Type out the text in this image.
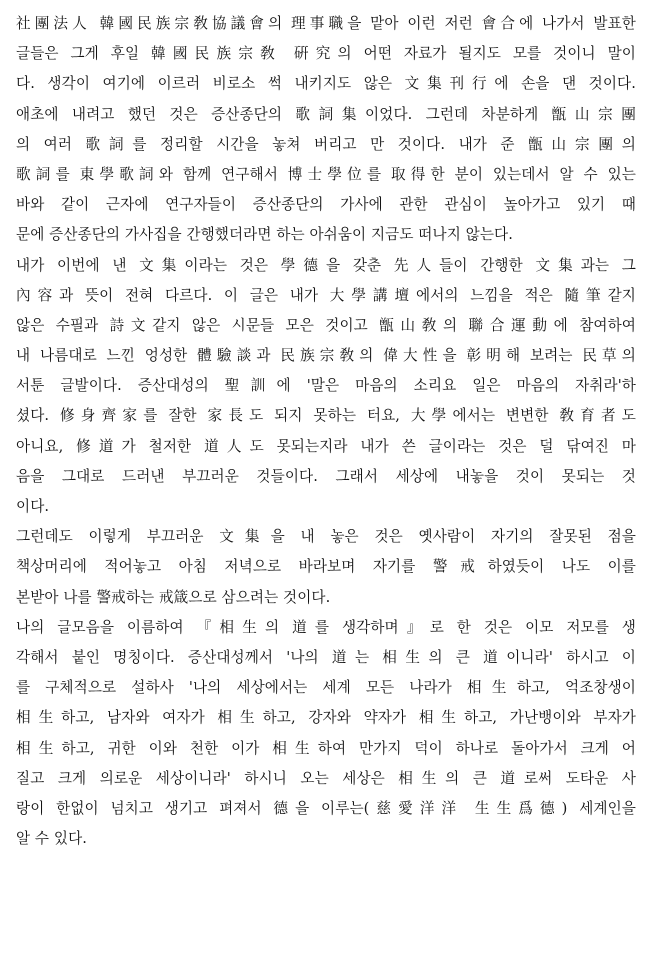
社團法人 韓國民族宗敎協議會의 理事職을 맡아 이런 저런 會合에 나가서 발표한
글들은 그게 후일 韓國民族宗敎 硏究의 어떤 자료가 될지도 모를 것이니 말이
다. 생각이 여기에 이르러 비로소 썩 내키지도 않은 文集刊行에 손을 댄 것이다.
애초에 내려고 했던 것은 증산종단의 歌詞集이었다. 그런데 차분하게 甑山宗團
의 여러 歌詞를 정리할 시간을 놓쳐 버리고 만 것이다. 내가 준 甑山宗團의
歌詞를 東學歌詞와 함께 연구해서 博士學位를 取得한 분이 있는데서 알 수 있는
바와 같이 근자에 연구자들이 증산종단의 가사에 관한 관심이 높아가고 있기 때
문에 증산종단의 가사집을 간행했더라면 하는 아쉬움이 지금도 떠나지 않는다.
내가 이번에 낸 文集이라는 것은 學德을 갖춘 先人들이 간행한 文集과는 그
內容과 뜻이 전혀 다르다. 이 글은 내가 大學講壇에서의 느낌을 적은 隨筆같지
않은 수필과 詩文같지 않은 시문들 모은 것이고 甑山敎의 聯合運動에 참여하여
내 나름대로 느낀 엉성한 體驗談과 民族宗敎의 偉大性을 彰明해 보려는 民草의
서툰 글발이다. 증산대성의 聖訓에 '말은 마음의 소리요 일은 마음의 자취라'하
셨다. 修身齊家를 잘한 家長도 되지 못하는 터요, 大學에서는 변변한 敎育者도
아니요, 修道가 철저한 道人도 못되는지라 내가 쓴 글이라는 것은 덜 닦여진 마
음을 그대로 드러낸 부끄러운 것들이다. 그래서 세상에 내놓을 것이 못되는 것
이다.
그런데도 이렇게 부끄러운 文集을 내 놓은 것은 옛사람이 자기의 잘못된 점을
책상머리에 적어놓고 아침 저녁으로 바라보며 자기를 警戒하였듯이 나도 이를
본받아 나를 警戒하는 戒箴으로 삼으려는 것이다.
나의 글모음을 이름하여 『相生의 道를 생각하며』로 한 것은 이모 저모를 생
각해서 붙인 명칭이다. 증산대성께서 '나의 道는 相生의 큰 道이니라' 하시고 이
를 구체적으로 설하사 '나의 세상에서는 세계 모든 나라가 相生하고, 억조창생이
相生하고, 남자와 여자가 相生하고, 강자와 약자가 相生하고, 가난뱅이와 부자가
相生하고, 귀한 이와 천한 이가 相生하여 만가지 덕이 하나로 돌아가서 크게 어
질고 크게 의로운 세상이니라' 하시니 오는 세상은 相生의 큰 道로써 도타운 사
랑이 한없이 넘치고 생기고 펴져서 德을 이루는(慈愛洋洋 生生爲德) 세계인을
알 수 있다.
